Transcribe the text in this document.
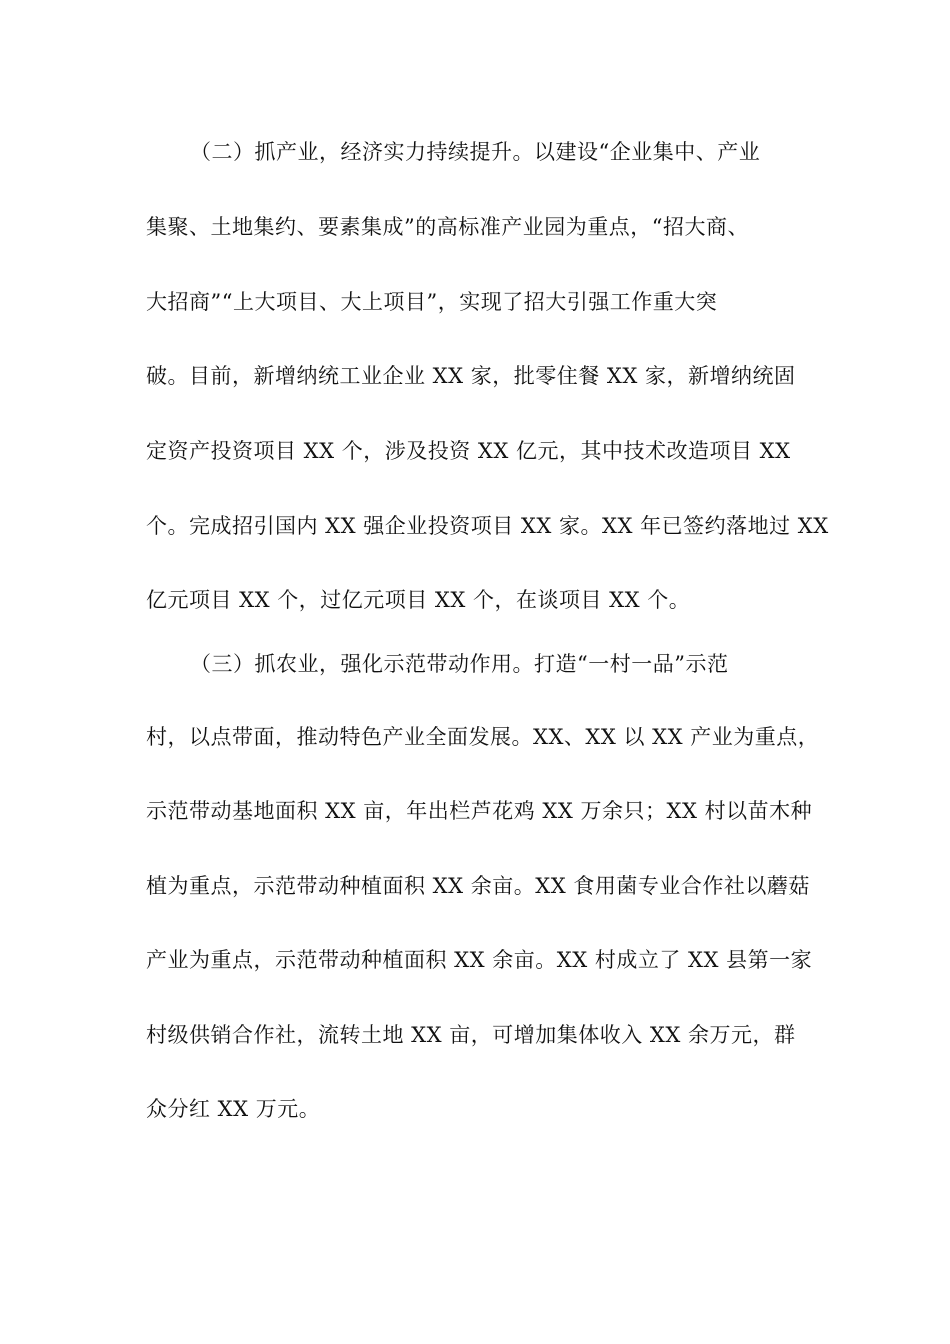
（二）抓产业，经济实力持续提升。以建设“企业集中、产业
集聚、土地集约、要素集成”的高标准产业园为重点，“招大商、
大招商”“上大项目、大上项目”，实现了招大引强工作重大突
破。目前，新增纳统工业企业 XX 家，批零住餐 XX 家，新增纳统固
定资产投资项目 XX 个，涉及投资 XX 亿元，其中技术改造项目 XX
个。完成招引国内 XX 强企业投资项目 XX 家。XX 年已签约落地过 XX
亿元项目 XX 个，过亿元项目 XX 个，在谈项目 XX 个。
（三）抓农业，强化示范带动作用。打造“一村一品”示范
村，以点带面，推动特色产业全面发展。XX、XX 以 XX 产业为重点，
示范带动基地面积 XX 亩，年出栏芦花鸡 XX 万余只；XX 村以苗木种
植为重点，示范带动种植面积 XX 余亩。XX 食用菌专业合作社以蘑菇
产业为重点，示范带动种植面积 XX 余亩。XX 村成立了 XX 县第一家
村级供销合作社，流转土地 XX 亩，可增加集体收入 XX 余万元，群
众分红 XX 万元。
